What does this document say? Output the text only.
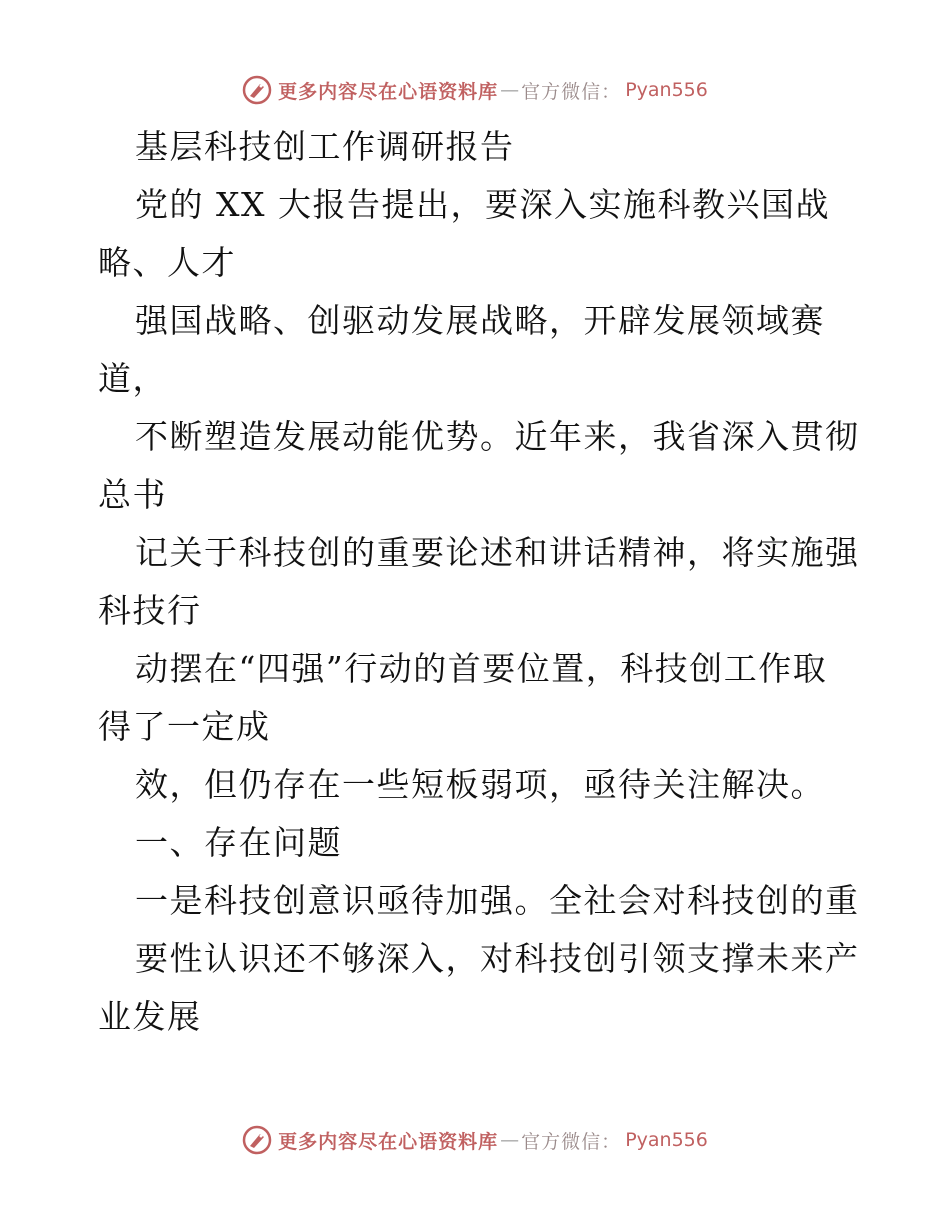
更多内容尽在心语资料库 — 官方微信： Pyan556
基层科技创工作调研报告
党的 XX 大报告提出，要深入实施科教兴国战
略、人才
强国战略、创驱动发展战略，开辟发展领域赛
道，
不断塑造发展动能优势。近年来，我省深入贯彻
总书
记关于科技创的重要论述和讲话精神，将实施强
科技行
动摆在“四强”行动的首要位置，科技创工作取
得了一定成
效，但仍存在一些短板弱项，亟待关注解决。
一、存在问题
一是科技创意识亟待加强。全社会对科技创的重
要性认识还不够深入，对科技创引领支撑未来产
业发展
更多内容尽在心语资料库 — 官方微信： Pyan556
